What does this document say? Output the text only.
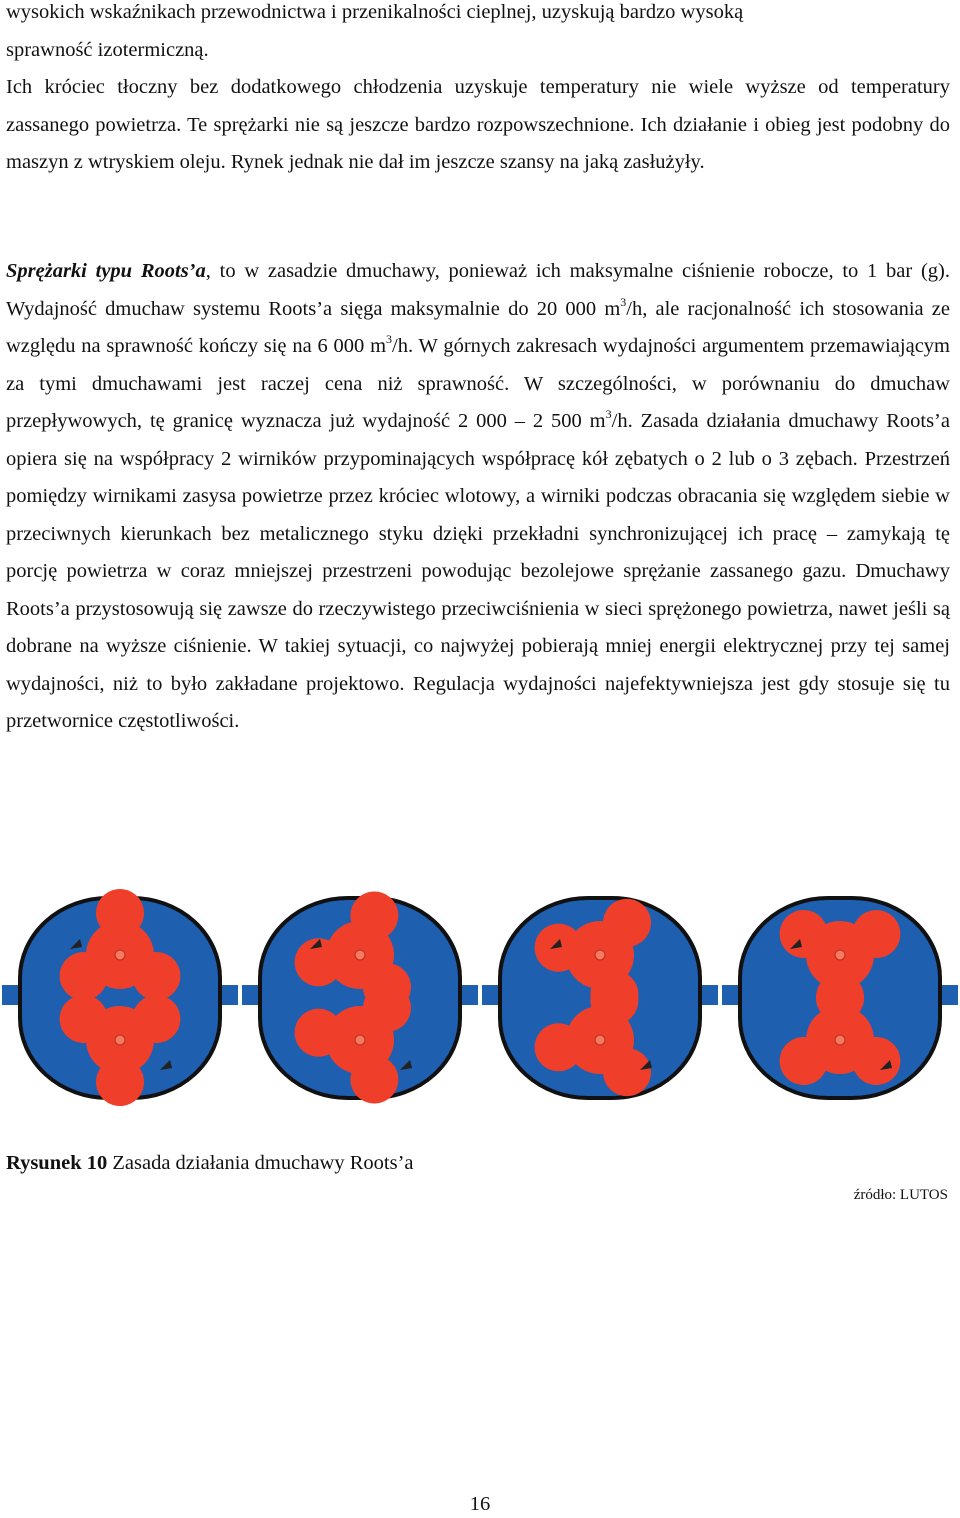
wysokich wskaźnikach przewodnictwa i przenikalności cieplnej, uzyskują bardzo wysoką
sprawność izotermiczną.
Ich króciec tłoczny bez dodatkowego chłodzenia uzyskuje temperatury nie wiele wyższe od temperatury zassanego powietrza. Te sprężarki nie są jeszcze bardzo rozpowszechnione. Ich działanie i obieg jest podobny do maszyn z wtryskiem oleju. Rynek jednak nie dał im jeszcze szansy na jaką zasłużyły.

Sprężarki typu Roots’a, to w zasadzie dmuchawy, ponieważ ich maksymalne ciśnienie robocze, to 1 bar (g). Wydajność dmuchaw systemu Roots’a sięga maksymalnie do 20 000 $m^3/h$, ale racjonalność ich stosowania ze względu na sprawność kończy się na 6 000 $m^3/h$. W górnych zakresach wydajności argumentem przemawiającym za tymi dmuchawami jest raczej cena niż sprawność. W szczególności, w porównaniu do dmuchaw przepływowych, tę granicę wyznacza już wydajność 2 000 – 2 500 $m^3/h$. Zasada działania dmuchawy Roots’a opiera się na współpracy 2 wirników przypominających współpracę kół zębatych o 2 lub o 3 zębach. Przestrzeń pomiędzy wirnikami zasysa powietrze przez króciec wlotowy, a wirniki podczas obracania się względem siebie w przeciwnych kierunkach bez metalicznego styku dzięki przekładni synchronizującej ich pracę – zamykają tę porcję powietrza w coraz mniejszej przestrzeni powodując bezolejowe sprężanie zassanego gazu. Dmuchawy Roots’a przystosowują się zawsze do rzeczywistego przeciwciśnienia w sieci sprężonego powietrza, nawet jeśli są dobrane na wyższe ciśnienie. W takiej sytuacji, co najwyżej pobierają mniej energii elektrycznej przy tej samej wydajności, niż to było zakładane projektowo. Regulacja wydajności najefektywniejsza jest gdy stosuje się tu przetwornice częstotliwości.

Rysunek 10 Zasada działania dmuchawy Roots’a
źródło: LUTOS
16
